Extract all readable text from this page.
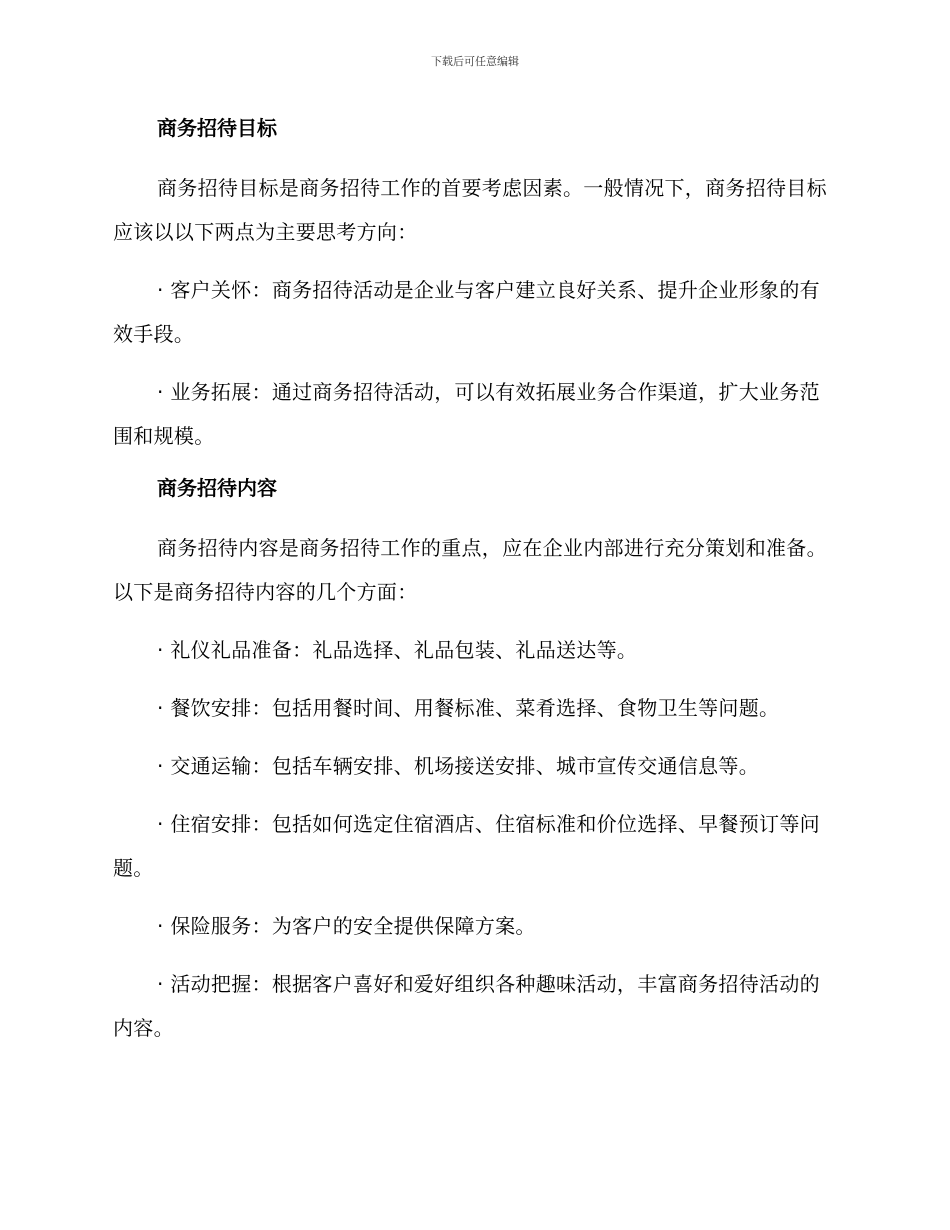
下载后可任意编辑
商务招待目标

商务招待目标是商务招待工作的首要考虑因素。一般情况下，商务招待目标应该以以下两点为主要思考方向：

· 客户关怀：商务招待活动是企业与客户建立良好关系、提升企业形象的有效手段。

· 业务拓展：通过商务招待活动，可以有效拓展业务合作渠道，扩大业务范围和规模。

商务招待内容

商务招待内容是商务招待工作的重点，应在企业内部进行充分策划和准备。以下是商务招待内容的几个方面：

· 礼仪礼品准备：礼品选择、礼品包装、礼品送达等。

· 餐饮安排：包括用餐时间、用餐标准、菜肴选择、食物卫生等问题。

· 交通运输：包括车辆安排、机场接送安排、城市宣传交通信息等。

· 住宿安排：包括如何选定住宿酒店、住宿标准和价位选择、早餐预订等问题。

· 保险服务：为客户的安全提供保障方案。

· 活动把握：根据客户喜好和爱好组织各种趣味活动，丰富商务招待活动的内容。
